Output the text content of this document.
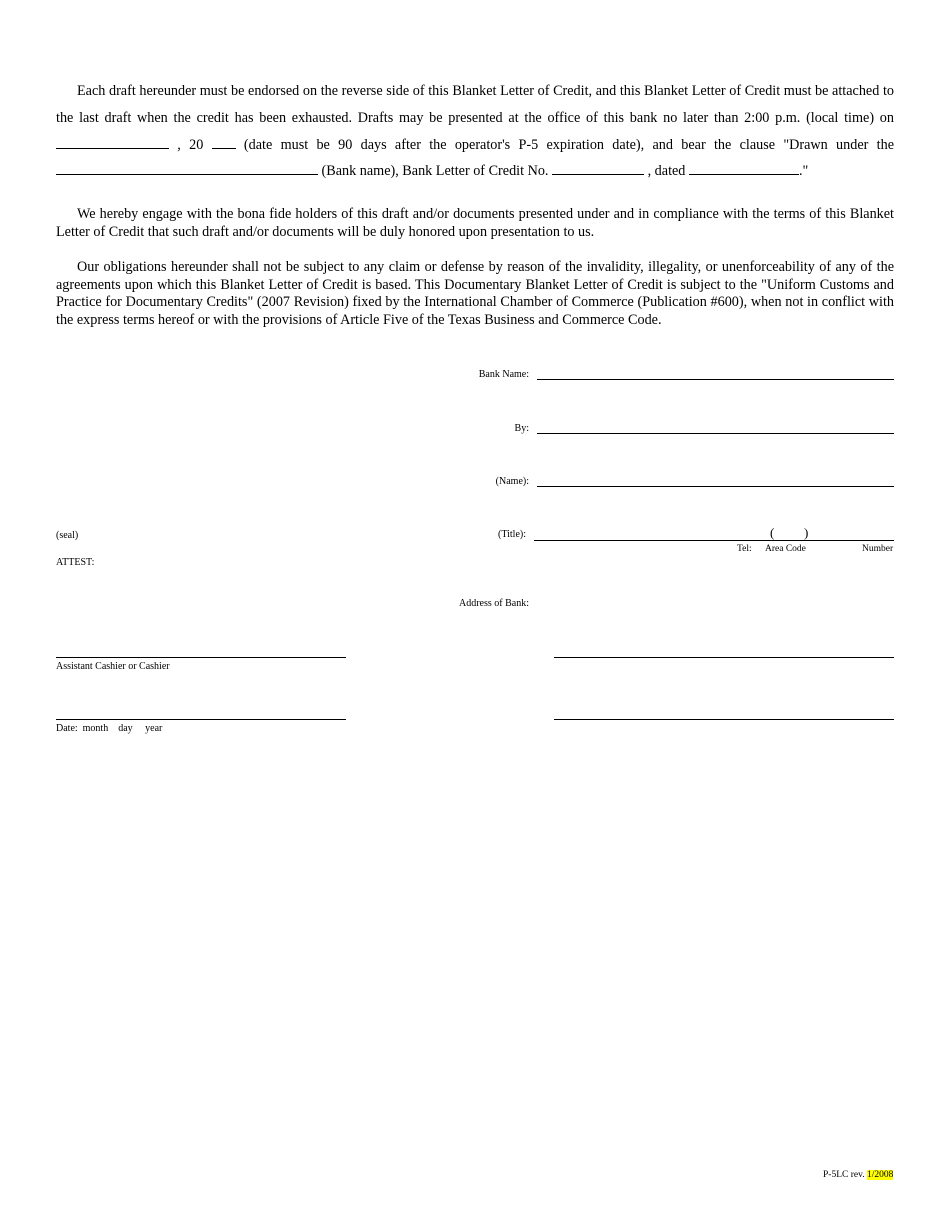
Each draft hereunder must be endorsed on the reverse side of this Blanket Letter of Credit, and this Blanket Letter of Credit must be attached to the last draft when the credit has been exhausted. Drafts may be presented at the office of this bank no later than 2:00 p.m. (local time) on  , 20	(date must be 90 days after the operator's P-5 expiration date), and bear the clause "Drawn under the  (Bank name), Bank Letter of Credit No.	, dated	."
We hereby engage with the bona fide holders of this draft and/or documents presented under and in compliance with the terms of this Blanket Letter of Credit that such draft and/or documents will be duly honored upon presentation to us.
Our obligations hereunder shall not be subject to any claim or defense by reason of the invalidity, illegality, or unenforceability of any of the agreements upon which this Blanket Letter of Credit is based. This Documentary Blanket Letter of Credit is subject to the "Uniform Customs and Practice for Documentary Credits" (2007 Revision) fixed by the International Chamber of Commerce (Publication #600), when not in conflict with the express terms hereof or with the provisions of Article Five of the Texas Business and Commerce Code.
Bank Name:
By:
(Name):
(Title):	( )
Tel: Area Code	Number
Address of Bank:
(seal)
ATTEST:
Assistant Cashier or Cashier
Date:  month    day     year
P-5LC rev. 1/2008
